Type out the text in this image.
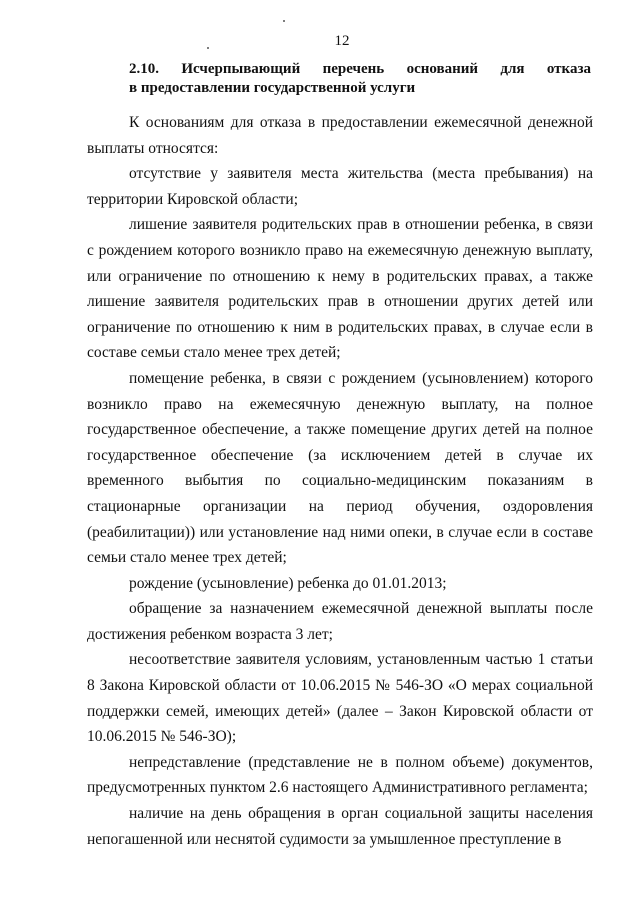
12
2.10. Исчерпывающий перечень оснований для отказа
в предоставлении государственной услуги

К основаниям для отказа в предоставлении ежемесячной денежной выплаты относятся:

отсутствие у заявителя места жительства (места пребывания) на территории Кировской области;

лишение заявителя родительских прав в отношении ребенка, в связи с рождением которого возникло право на ежемесячную денежную выплату, или ограничение по отношению к нему в родительских правах, а также лишение заявителя родительских прав в отношении других детей или ограничение по отношению к ним в родительских правах, в случае если в составе семьи стало менее трех детей;

помещение ребенка, в связи с рождением (усыновлением) которого возникло право на ежемесячную денежную выплату, на полное государственное обеспечение, а также помещение других детей на полное государственное обеспечение (за исключением детей в случае их временного выбытия по социально-медицинским показаниям в стационарные организации на период обучения, оздоровления (реабилитации)) или установление над ними опеки, в случае если в составе семьи стало менее трех детей;

рождение (усыновление) ребенка до 01.01.2013;

обращение за назначением ежемесячной денежной выплаты после достижения ребенком возраста 3 лет;

несоответствие заявителя условиям, установленным частью 1 статьи 8 Закона Кировской области от 10.06.2015 № 546-ЗО «О мерах социальной поддержки семей, имеющих детей» (далее – Закон Кировской области от 10.06.2015 № 546-ЗО);

непредставление (представление не в полном объеме) документов, предусмотренных пунктом 2.6 настоящего Административного регламента;

наличие на день обращения в орган социальной защиты населения непогашенной или неснятой судимости за умышленное преступление в
